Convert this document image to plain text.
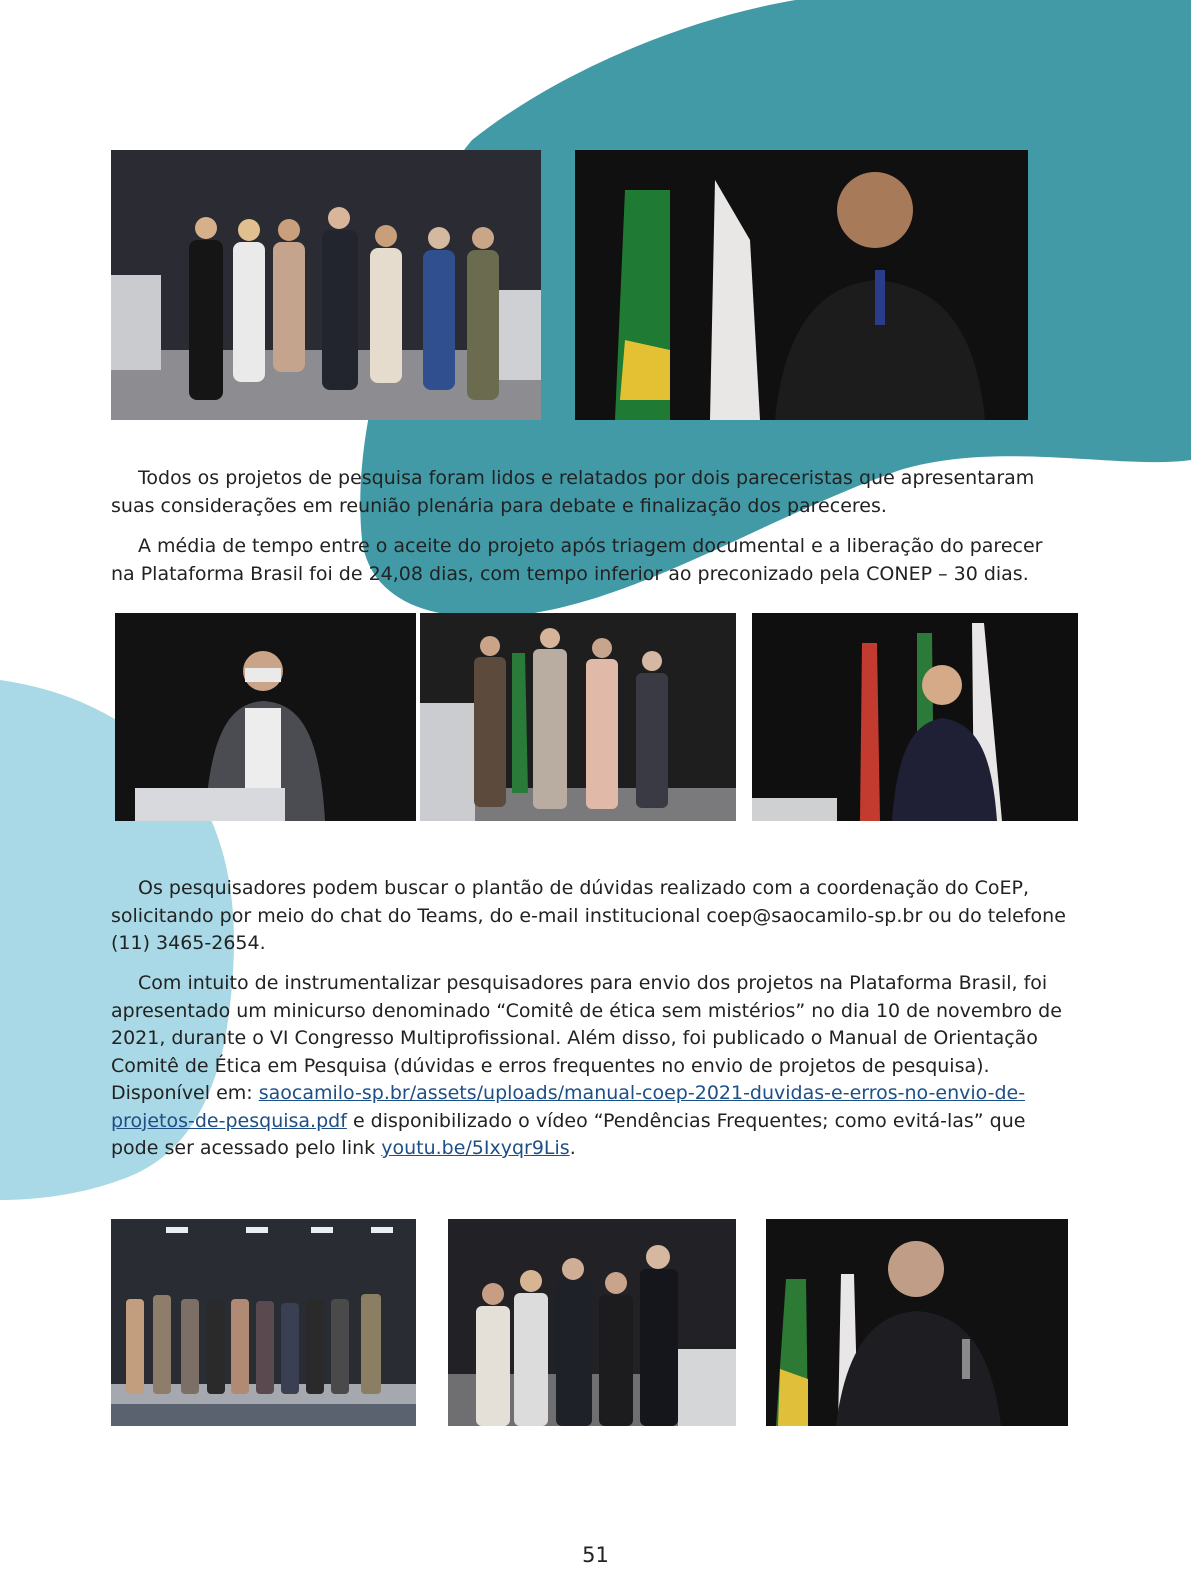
Todos os projetos de pesquisa foram lidos e relatados por dois pareceristas que apresentaram suas considerações em reunião plenária para debate e finalização dos pareceres.

A média de tempo entre o aceite do projeto após triagem documental e a liberação do parecer na Plataforma Brasil foi de 24,08 dias, com tempo inferior ao preconizado pela CONEP – 30 dias.

Os pesquisadores podem buscar o plantão de dúvidas realizado com a coordenação do CoEP, solicitando por meio do chat do Teams, do e-mail institucional coep@saocamilo-sp.br ou do telefone (11) 3465-2654.

Com intuito de instrumentalizar pesquisadores para envio dos projetos na Plataforma Brasil, foi apresentado um minicurso denominado “Comitê de ética sem mistérios” no dia 10 de novembro de 2021, durante o VI Congresso Multiprofissional. Além disso, foi publicado o Manual de Orientação Comitê de Ética em Pesquisa (dúvidas e erros frequentes no envio de projetos de pesquisa). Disponível em: saocamilo-sp.br/assets/uploads/manual-coep-2021-duvidas-e-erros-no-envio-de-projetos-de-pesquisa.pdf e disponibilizado o vídeo “Pendências Frequentes; como evitá-las” que pode ser acessado pelo link youtu.be/5Ixyqr9Lis.

51
